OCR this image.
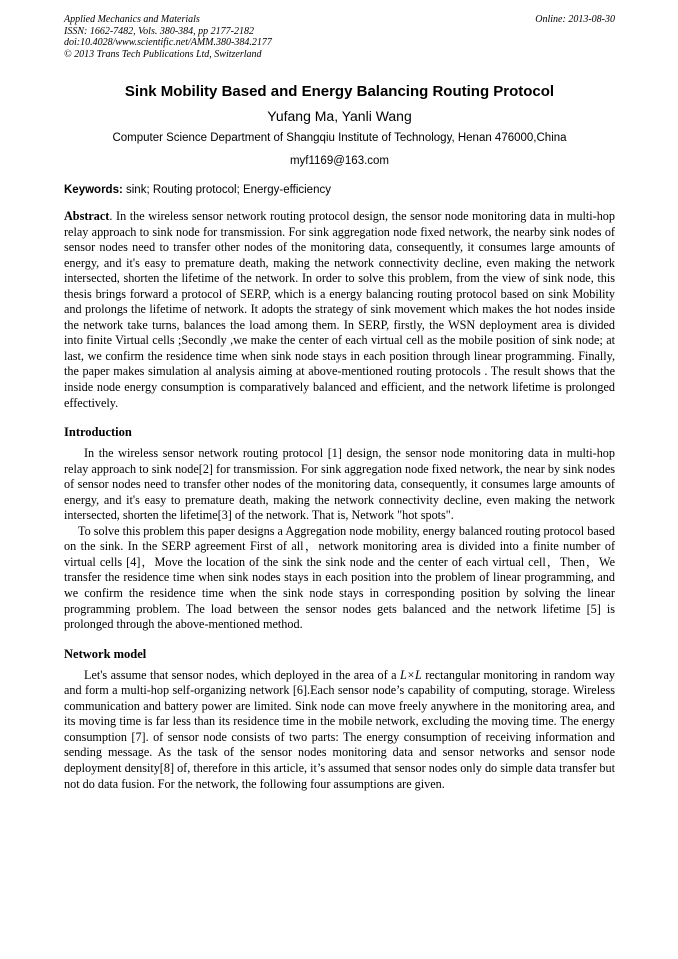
Applied Mechanics and Materials
ISSN: 1662-7482, Vols. 380-384, pp 2177-2182
doi:10.4028/www.scientific.net/AMM.380-384.2177
© 2013 Trans Tech Publications Ltd, Switzerland
Online: 2013-08-30
Sink Mobility Based and Energy Balancing Routing Protocol
Yufang Ma, Yanli Wang
Computer Science Department of Shangqiu Institute of Technology, Henan 476000,China
myf1169@163.com
Keywords: sink; Routing protocol; Energy-efficiency

Abstract. In the wireless sensor network routing protocol design, the sensor node monitoring data in multi-hop relay approach to sink node for transmission. For sink aggregation node fixed network, the nearby sink nodes of sensor nodes need to transfer other nodes of the monitoring data, consequently, it consumes large amounts of energy, and it's easy to premature death, making the network connectivity decline, even making the network intersected, shorten the lifetime of the network. In order to solve this problem, from the view of sink node, this thesis brings forward a protocol of SERP, which is a energy balancing routing protocol based on sink Mobility and prolongs the lifetime of network. It adopts the strategy of sink movement which makes the hot nodes inside the network take turns, balances the load among them. In SERP, firstly, the WSN deployment area is divided into finite Virtual cells ;Secondly ,we make the center of each virtual cell as the mobile position of sink node; at last, we confirm the residence time when sink node stays in each position through linear programming. Finally, the paper makes simulation al analysis aiming at above-mentioned routing protocols . The result shows that the inside node energy consumption is comparatively balanced and efficient, and the network lifetime is prolonged effectively.

Introduction

In the wireless sensor network routing protocol [1] design, the sensor node monitoring data in multi-hop relay approach to sink node[2] for transmission. For sink aggregation node fixed network, the near by sink nodes of sensor nodes need to transfer other nodes of the monitoring data, consequently, it consumes large amounts of energy, and it's easy to premature death, making the network connectivity decline, even making the network intersected, shorten the lifetime[3] of the network. That is, Network "hot spots".

To solve this problem this paper designs a Aggregation node mobility, energy balanced routing protocol based on the sink. In the SERP agreement First of all，network monitoring area is divided into a finite number of virtual cells [4]，Move the location of the sink the sink node and the center of each virtual cell，Then，We transfer the residence time when sink nodes stays in each position into the problem of linear programming, and we confirm the residence time when the sink node stays in corresponding position by solving the linear programming problem. The load between the sensor nodes gets balanced and the network lifetime [5] is prolonged through the above-mentioned method.

Network model

Let's assume that sensor nodes, which deployed in the area of a L×L rectangular monitoring in random way and form a multi-hop self-organizing network [6].Each sensor node’s capability of computing, storage. Wireless communication and battery power are limited. Sink node can move freely anywhere in the monitoring area, and its moving time is far less than its residence time in the mobile network, excluding the moving time. The energy consumption [7]. of sensor node consists of two parts: The energy consumption of receiving information and sending message. As the task of the sensor nodes monitoring data and sensor networks and sensor node deployment density[8] of, therefore in this article, it’s assumed that sensor nodes only do simple data transfer but not do data fusion. For the network, the following four assumptions are given.
